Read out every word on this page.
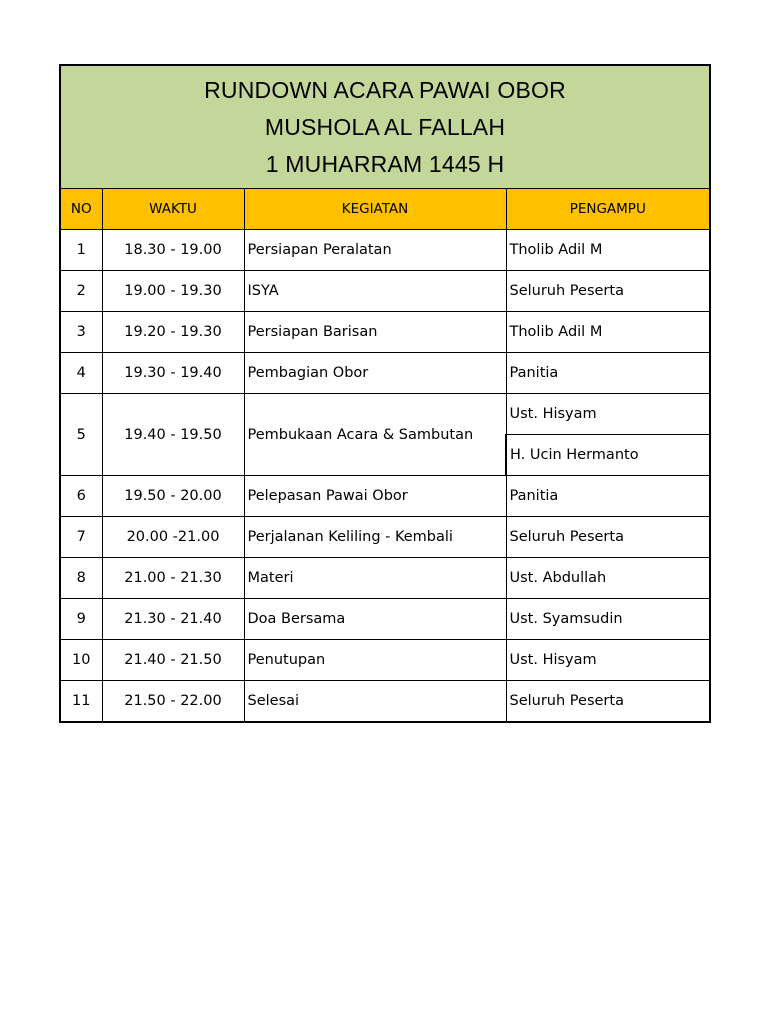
RUNDOWN ACARA PAWAI OBOR
MUSHOLA AL FALLAH
1 MUHARRAM 1445 H			

NO	WAKTU	KEGIATAN	PENGAMPU
1	18.30 - 19.00	Persiapan Peralatan	Tholib Adil M
2	19.00 - 19.30	ISYA	Seluruh Peserta
3	19.20 - 19.30	Persiapan Barisan	Tholib Adil M
4	19.30 - 19.40	Pembagian Obor	Panitia
5	19.40 - 19.50	Pembukaan Acara & Sambutan	Ust. Hisyam
			H. Ucin Hermanto
6	19.50 - 20.00	Pelepasan Pawai Obor	Panitia
7	20.00 -21.00	Perjalanan Keliling - Kembali	Seluruh Peserta
8	21.00 - 21.30	Materi	Ust. Abdullah
9	21.30 - 21.40	Doa Bersama	Ust. Syamsudin
10	21.40 - 21.50	Penutupan	Ust. Hisyam
11	21.50 - 22.00	Selesai	Seluruh Peserta
